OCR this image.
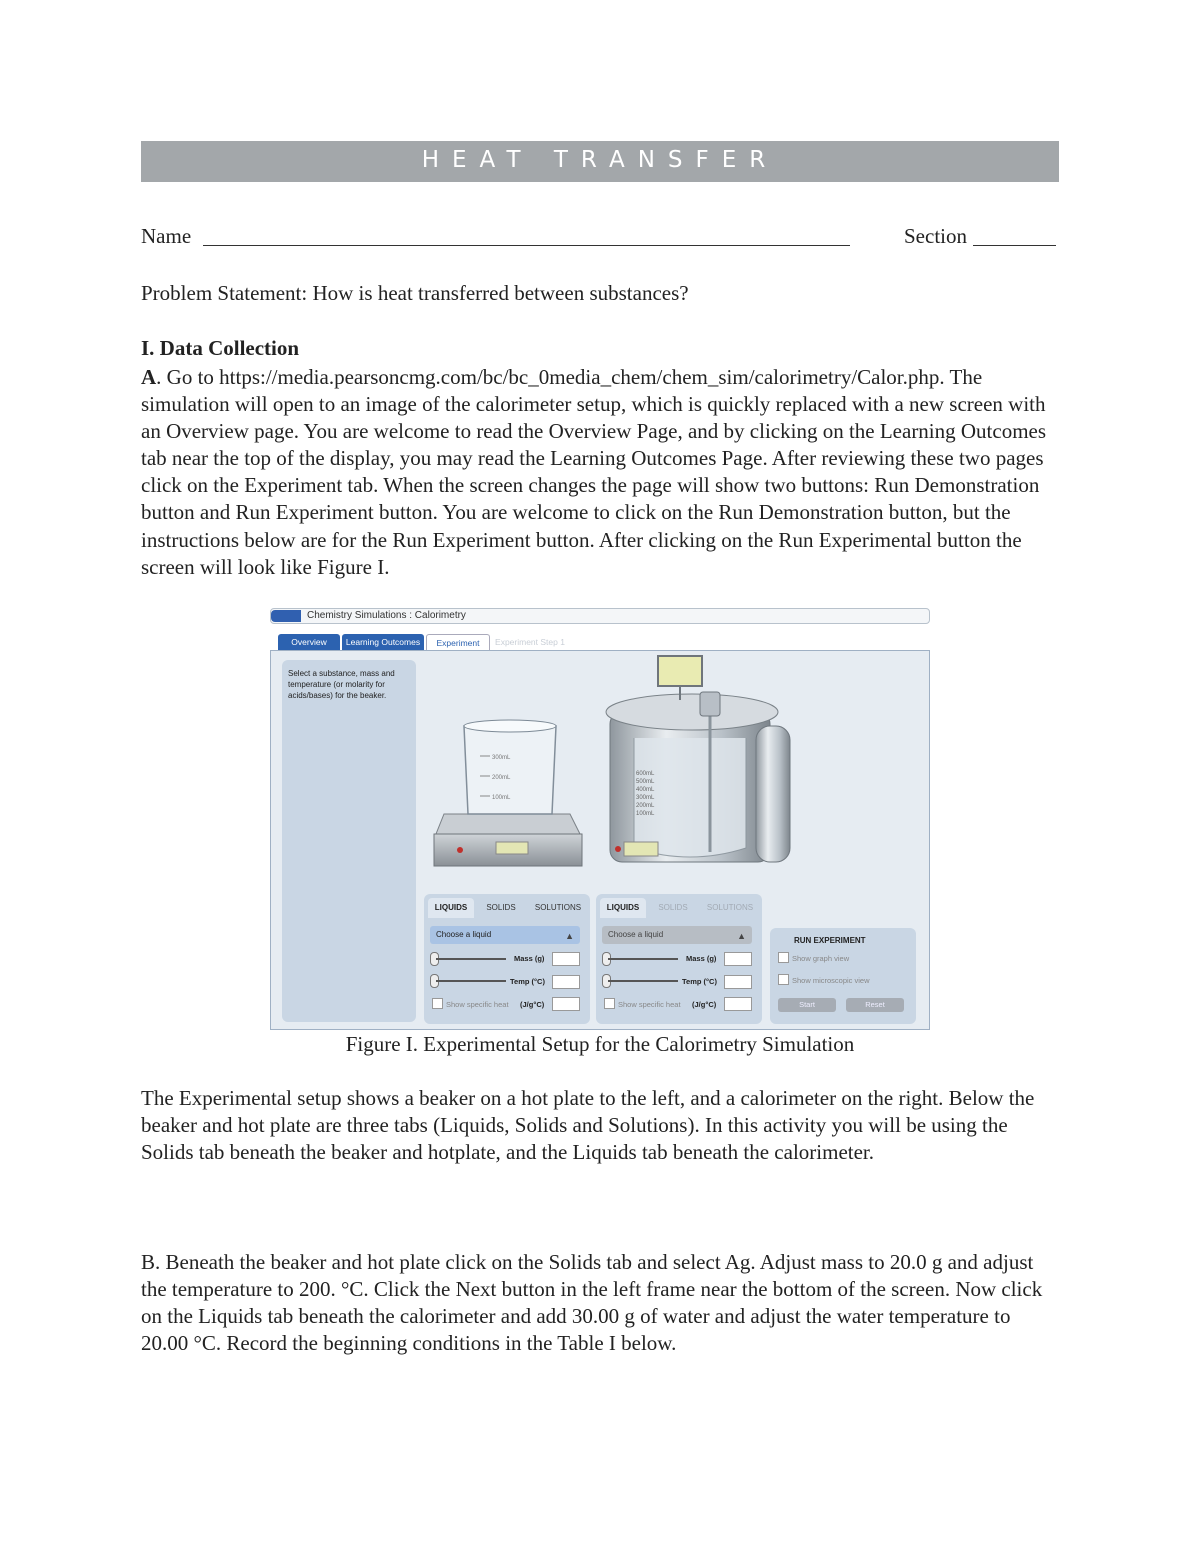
HEAT TRANSFER
Name	Section
Problem Statement: How is heat transferred between substances?
I. Data Collection
A. Go to https://media.pearsoncmg.com/bc/bc_0media_chem/chem_sim/calorimetry/Calor.php. The simulation will open to an image of the calorimeter setup, which is quickly replaced with a new screen with an Overview page. You are welcome to read the Overview Page, and by clicking on the Learning Outcomes tab near the top of the display, you may read the Learning Outcomes Page. After reviewing these two pages click on the Experiment tab. When the screen changes the page will show two buttons: Run Demonstration button and Run Experiment button. You are welcome to click on the Run Demonstration button, but the instructions below are for the Run Experiment button. After clicking on the Run Experimental button the screen will look like Figure I.
Chemistry Simulations : Calorimetry
Overview	Learning Outcomes	Experiment	Experiment Step 1
Select a substance, mass and temperature (or molarity for acids/bases) for the beaker.
300mL
200mL
100mL
600mL
500mL
400mL
300mL
200mL
100mL
LIQUIDS	SOLIDS	SOLUTIONS
Choose a liquid	▲
Mass (g)
Temp (°C)
Show specific heat (J/g°C)
LIQUIDS	SOLIDS	SOLUTIONS
Choose a liquid	▲
Mass (g)
Temp (°C)
Show specific heat (J/g°C)
RUN EXPERIMENT
Show graph view
Show microscopic view
Start	Reset
Figure I. Experimental Setup for the Calorimetry Simulation
The Experimental setup shows a beaker on a hot plate to the left, and a calorimeter on the right. Below the beaker and hot plate are three tabs (Liquids, Solids and Solutions). In this activity you will be using the Solids tab beneath the beaker and hotplate, and the Liquids tab beneath the calorimeter.
B. Beneath the beaker and hot plate click on the Solids tab and select Ag. Adjust mass to 20.0 g and adjust the temperature to 200. °C. Click the Next button in the left frame near the bottom of the screen. Now click on the Liquids tab beneath the calorimeter and add 30.00 g of water and adjust the water temperature to 20.00 °C. Record the beginning conditions in the Table I below.
